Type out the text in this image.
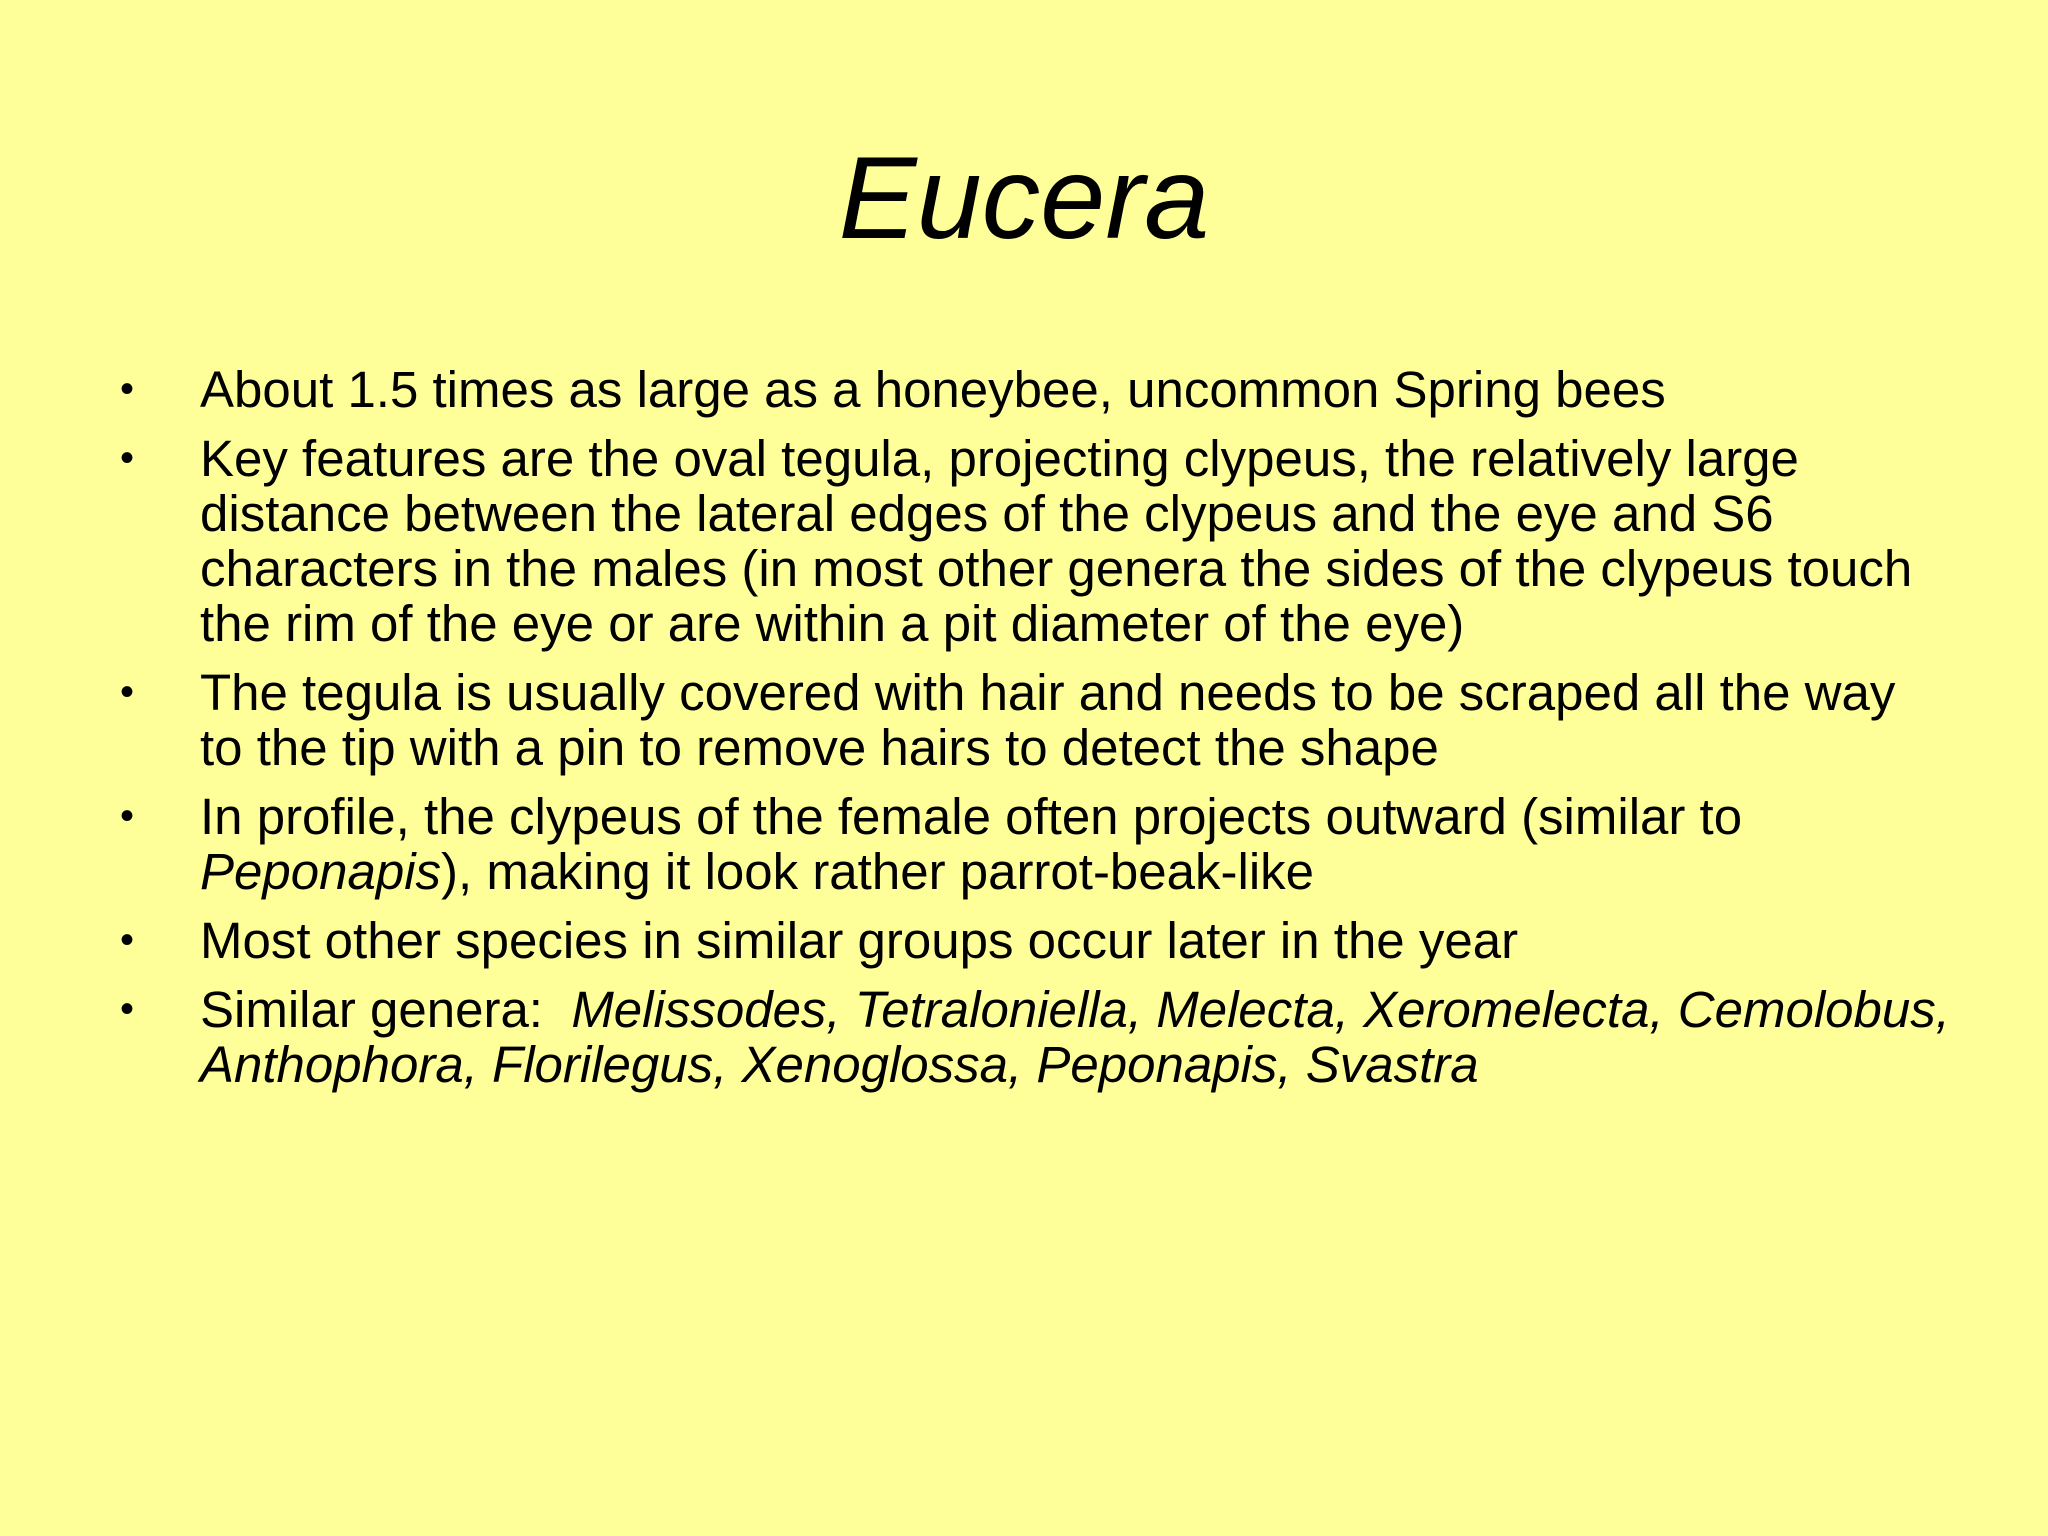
Eucera
• About 1.5 times as large as a honeybee, uncommon Spring bees
• Key features are the oval tegula, projecting clypeus, the relatively large distance between the lateral edges of the clypeus and the eye and S6 characters in the males (in most other genera the sides of the clypeus touch the rim of the eye or are within a pit diameter of the eye)
• The tegula is usually covered with hair and needs to be scraped all the way to the tip with a pin to remove hairs to detect the shape
• In profile, the clypeus of the female often projects outward (similar to Peponapis), making it look rather parrot-beak-like
• Most other species in similar groups occur later in the year
• Similar genera:  Melissodes, Tetraloniella, Melecta, Xeromelecta, Cemolobus, Anthophora, Florilegus, Xenoglossa, Peponapis, Svastra
